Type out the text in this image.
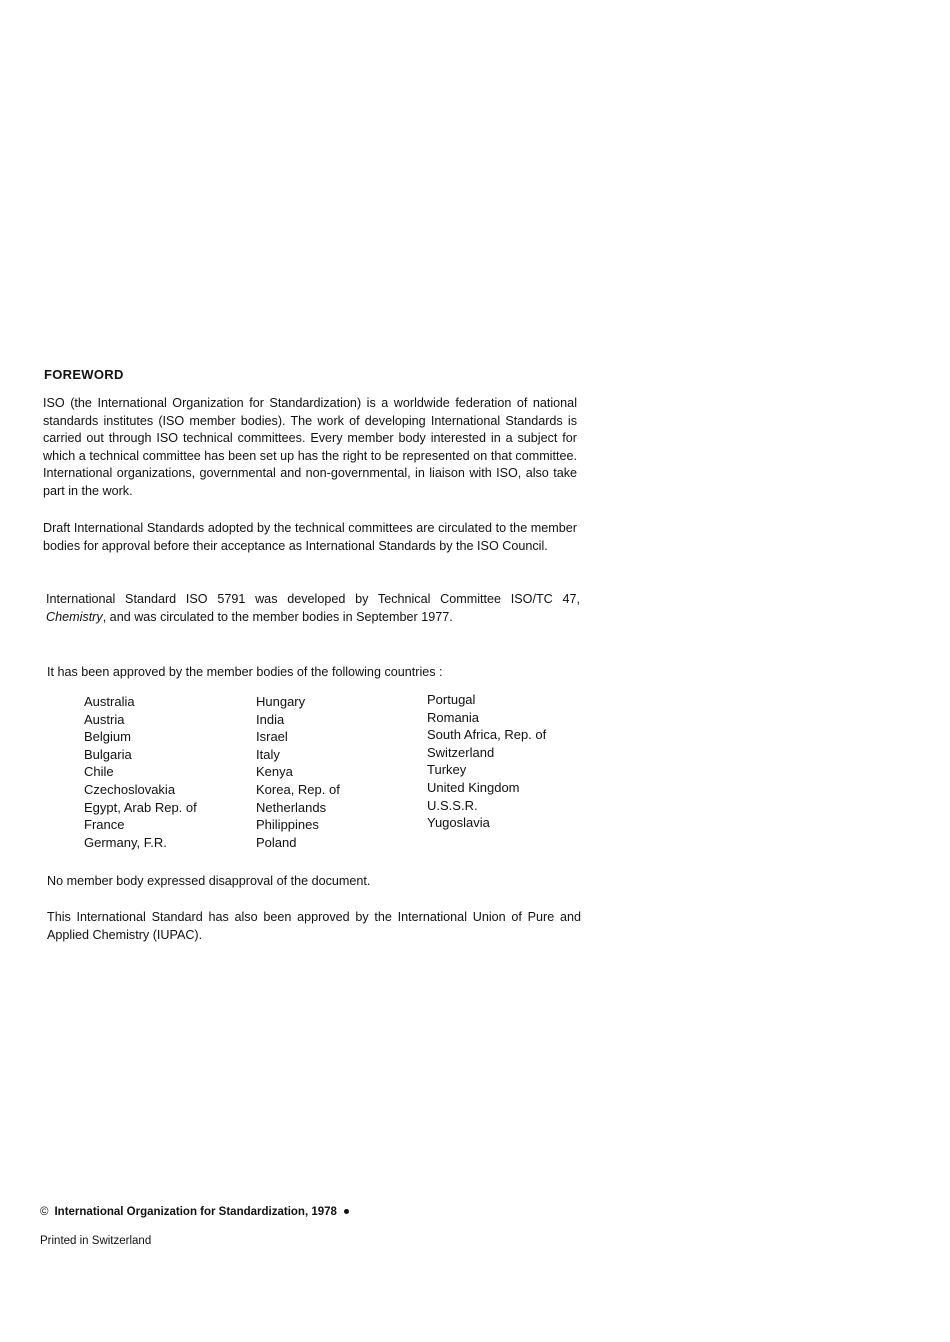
FOREWORD
ISO (the International Organization for Standardization) is a worldwide federation of national standards institutes (ISO member bodies). The work of developing International Standards is carried out through ISO technical committees. Every member body interested in a subject for which a technical committee has been set up has the right to be represented on that committee. International organizations, governmental and non-governmental, in liaison with ISO, also take part in the work.
Draft International Standards adopted by the technical committees are circulated to the member bodies for approval before their acceptance as International Standards by the ISO Council.
International Standard ISO 5791 was developed by Technical Committee ISO/TC 47, Chemistry, and was circulated to the member bodies in September 1977.
It has been approved by the member bodies of the following countries :
Australia
Austria
Belgium
Bulgaria
Chile
Czechoslovakia
Egypt, Arab Rep. of
France
Germany, F.R.
Hungary
India
Israel
Italy
Kenya
Korea, Rep. of
Netherlands
Philippines
Poland
Portugal
Romania
South Africa, Rep. of
Switzerland
Turkey
United Kingdom
U.S.S.R.
Yugoslavia
No member body expressed disapproval of the document.
This International Standard has also been approved by the International Union of Pure and Applied Chemistry (IUPAC).
© International Organization for Standardization, 1978
Printed in Switzerland
